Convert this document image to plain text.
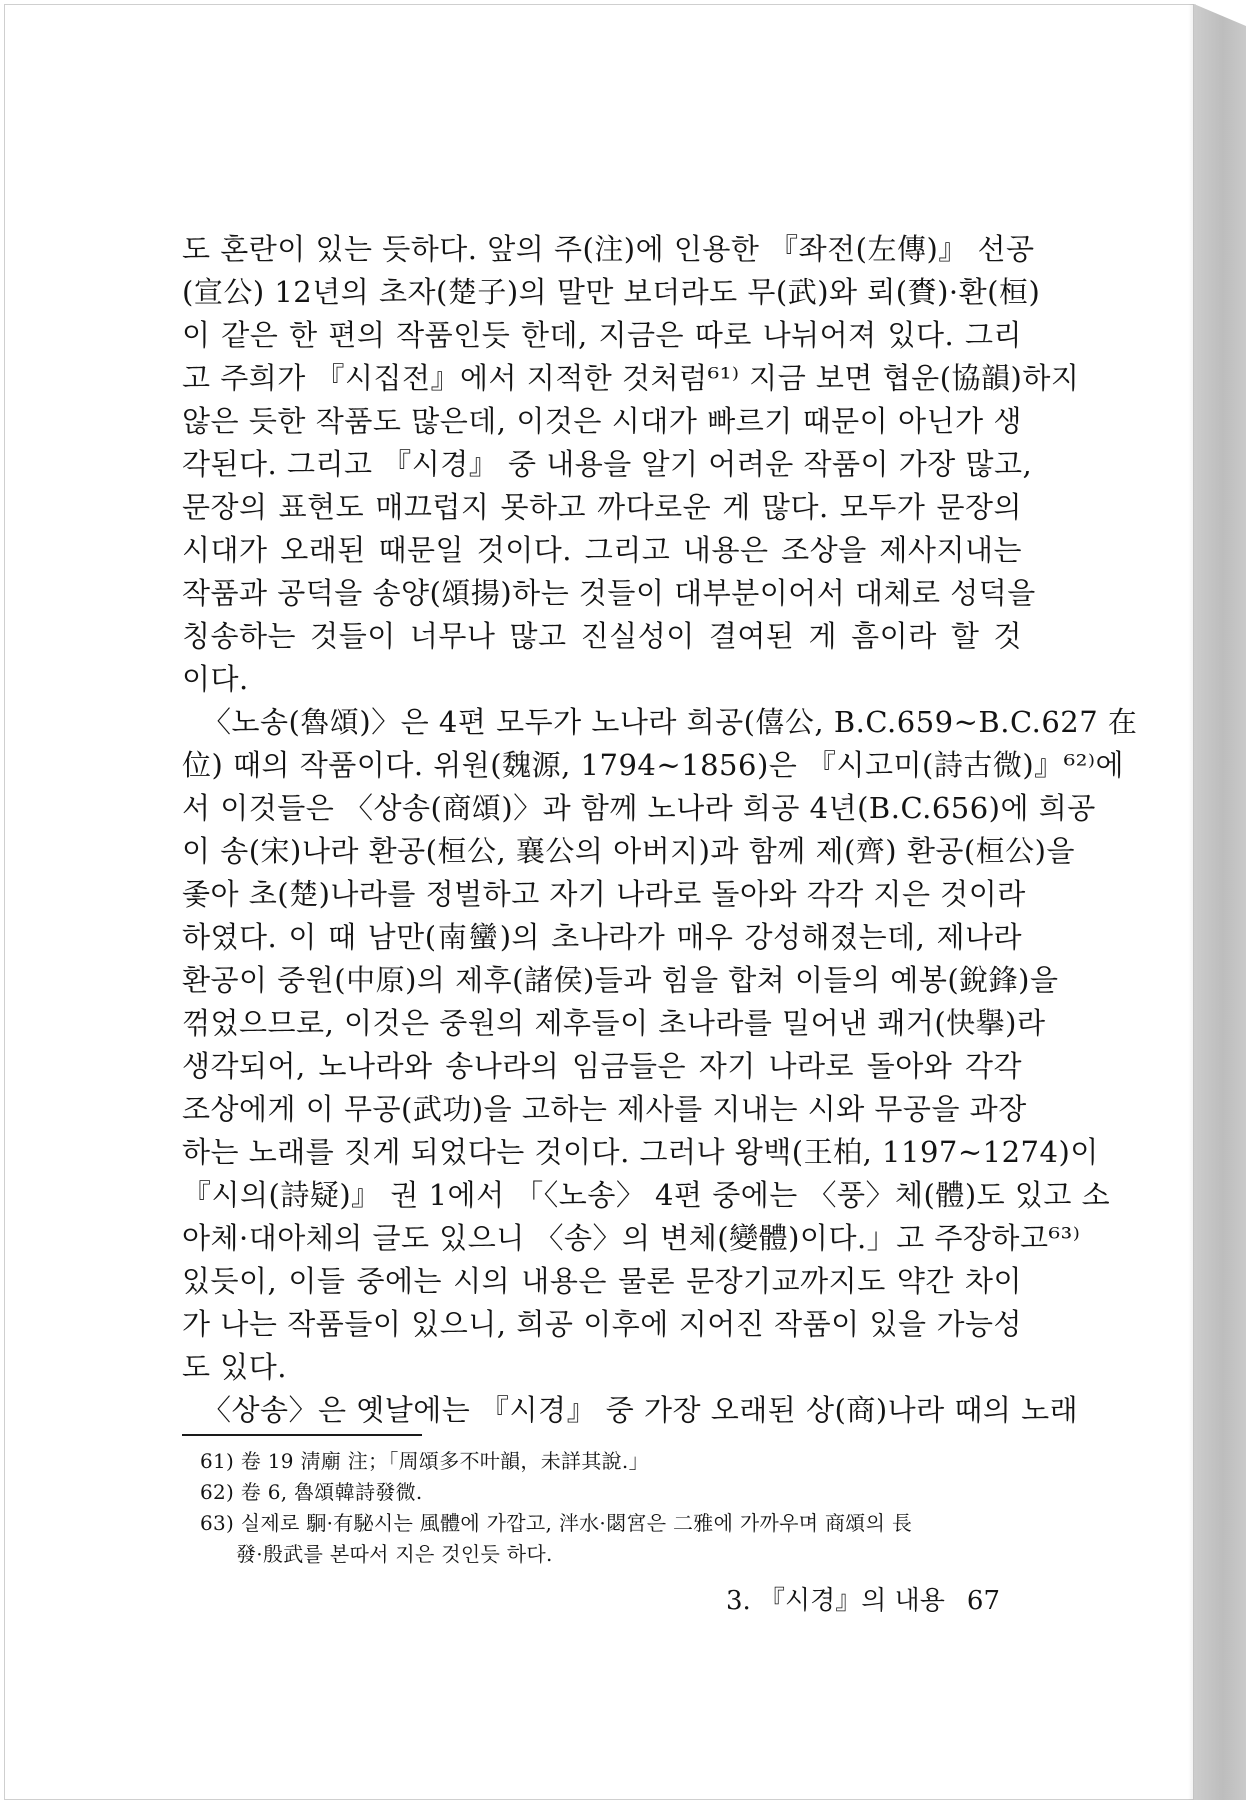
도 혼란이 있는 듯하다. 앞의 주(注)에 인용한 『좌전(左傳)』 선공
(宣公) 12년의 초자(楚子)의 말만 보더라도 무(武)와 뢰(賚)·환(桓)
이 같은 한 편의 작품인듯 한데, 지금은 따로 나뉘어져 있다. 그리
고 주희가 『시집전』에서 지적한 것처럼⁶¹⁾ 지금 보면 협운(協韻)하지
않은 듯한 작품도 많은데, 이것은 시대가 빠르기 때문이 아닌가 생
각된다. 그리고 『시경』 중 내용을 알기 어려운 작품이 가장 많고,
문장의 표현도 매끄럽지 못하고 까다로운 게 많다. 모두가 문장의
시대가 오래된 때문일 것이다. 그리고 내용은 조상을 제사지내는
작품과 공덕을 송양(頌揚)하는 것들이 대부분이어서 대체로 성덕을
칭송하는 것들이 너무나 많고 진실성이 결여된 게 흠이라 할 것
이다.
〈노송(魯頌)〉은 4편 모두가 노나라 희공(僖公, B.C.659~B.C.627 在
位) 때의 작품이다. 위원(魏源, 1794~1856)은 『시고미(詩古微)』⁶²⁾에
서 이것들은 〈상송(商頌)〉과 함께 노나라 희공 4년(B.C.656)에 희공
이 송(宋)나라 환공(桓公, 襄公의 아버지)과 함께 제(齊) 환공(桓公)을
좇아 초(楚)나라를 정벌하고 자기 나라로 돌아와 각각 지은 것이라
하였다. 이 때 남만(南蠻)의 초나라가 매우 강성해졌는데, 제나라
환공이 중원(中原)의 제후(諸侯)들과 힘을 합쳐 이들의 예봉(銳鋒)을
꺾었으므로, 이것은 중원의 제후들이 초나라를 밀어낸 쾌거(快擧)라
생각되어, 노나라와 송나라의 임금들은 자기 나라로 돌아와 각각
조상에게 이 무공(武功)을 고하는 제사를 지내는 시와 무공을 과장
하는 노래를 짓게 되었다는 것이다. 그러나 왕백(王柏, 1197~1274)이
『시의(詩疑)』 권 1에서 「〈노송〉 4편 중에는 〈풍〉체(體)도 있고 소
아체·대아체의 글도 있으니 〈송〉의 변체(變體)이다.」고 주장하고⁶³⁾
있듯이, 이들 중에는 시의 내용은 물론 문장기교까지도 약간 차이
가 나는 작품들이 있으니, 희공 이후에 지어진 작품이 있을 가능성
도 있다.
〈상송〉은 옛날에는 『시경』 중 가장 오래된 상(商)나라 때의 노래
61) 卷 19 淸廟 注；「周頌多不叶韻，未詳其說.」
62) 卷 6, 魯頌韓詩發微.
63) 실제로 駉·有駜시는 風體에 가깝고, 泮水·閟宮은 二雅에 가까우며 商頌의 長
發·殷武를 본따서 지은 것인듯 하다.
3. 『시경』의 내용 67
